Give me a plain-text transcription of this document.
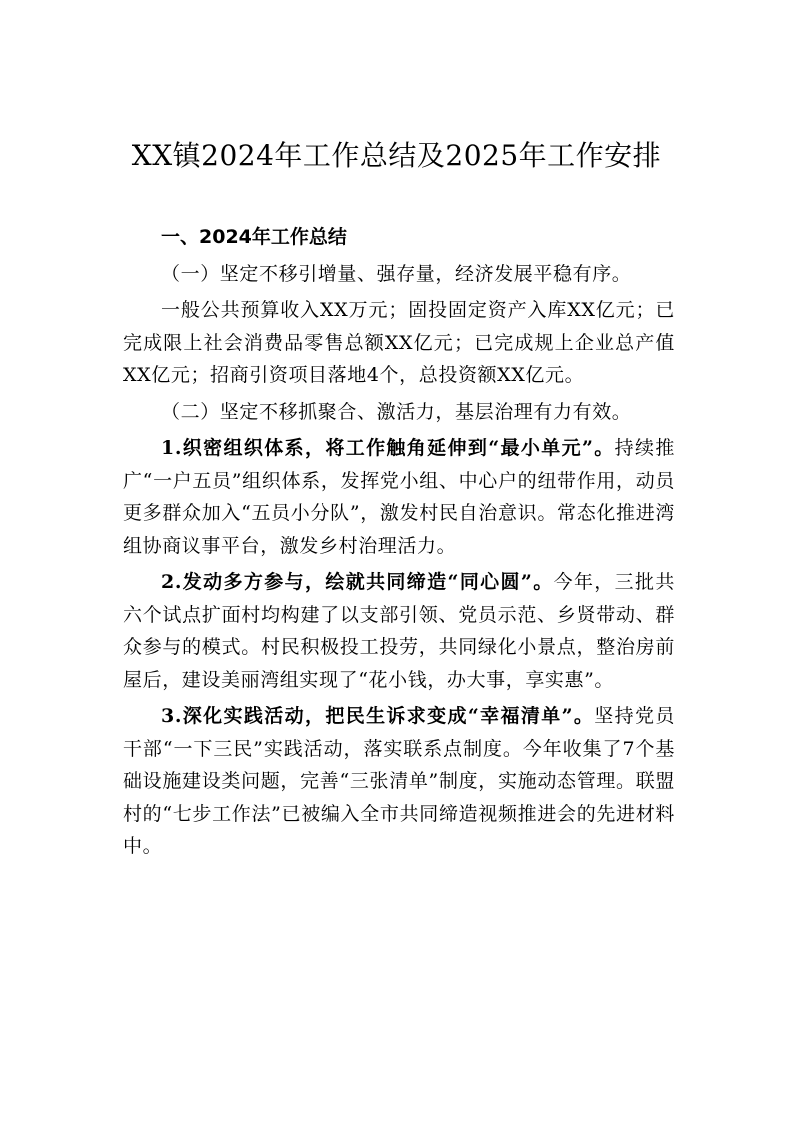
XX镇2024年工作总结及2025年工作安排
一、2024年工作总结
（一）坚定不移引增量、强存量，经济发展平稳有序。
一般公共预算收入XX万元；固投固定资产入库XX亿元；已完成限上社会消费品零售总额XX亿元；已完成规上企业总产值XX亿元；招商引资项目落地4个，总投资额XX亿元。
（二）坚定不移抓聚合、激活力，基层治理有力有效。
1.织密组织体系，将工作触角延伸到“最小单元”。持续推广“一户五员”组织体系，发挥党小组、中心户的纽带作用，动员更多群众加入“五员小分队”，激发村民自治意识。常态化推进湾组协商议事平台，激发乡村治理活力。
2.发动多方参与，绘就共同缔造“同心圆”。今年，三批共六个试点扩面村均构建了以支部引领、党员示范、乡贤带动、群众参与的模式。村民积极投工投劳，共同绿化小景点，整治房前屋后，建设美丽湾组实现了“花小钱，办大事，享实惠”。
3.深化实践活动，把民生诉求变成“幸福清单”。坚持党员干部“一下三民”实践活动，落实联系点制度。今年收集了7个基础设施建设类问题，完善“三张清单”制度，实施动态管理。联盟村的“七步工作法”已被编入全市共同缔造视频推进会的先进材料中。
